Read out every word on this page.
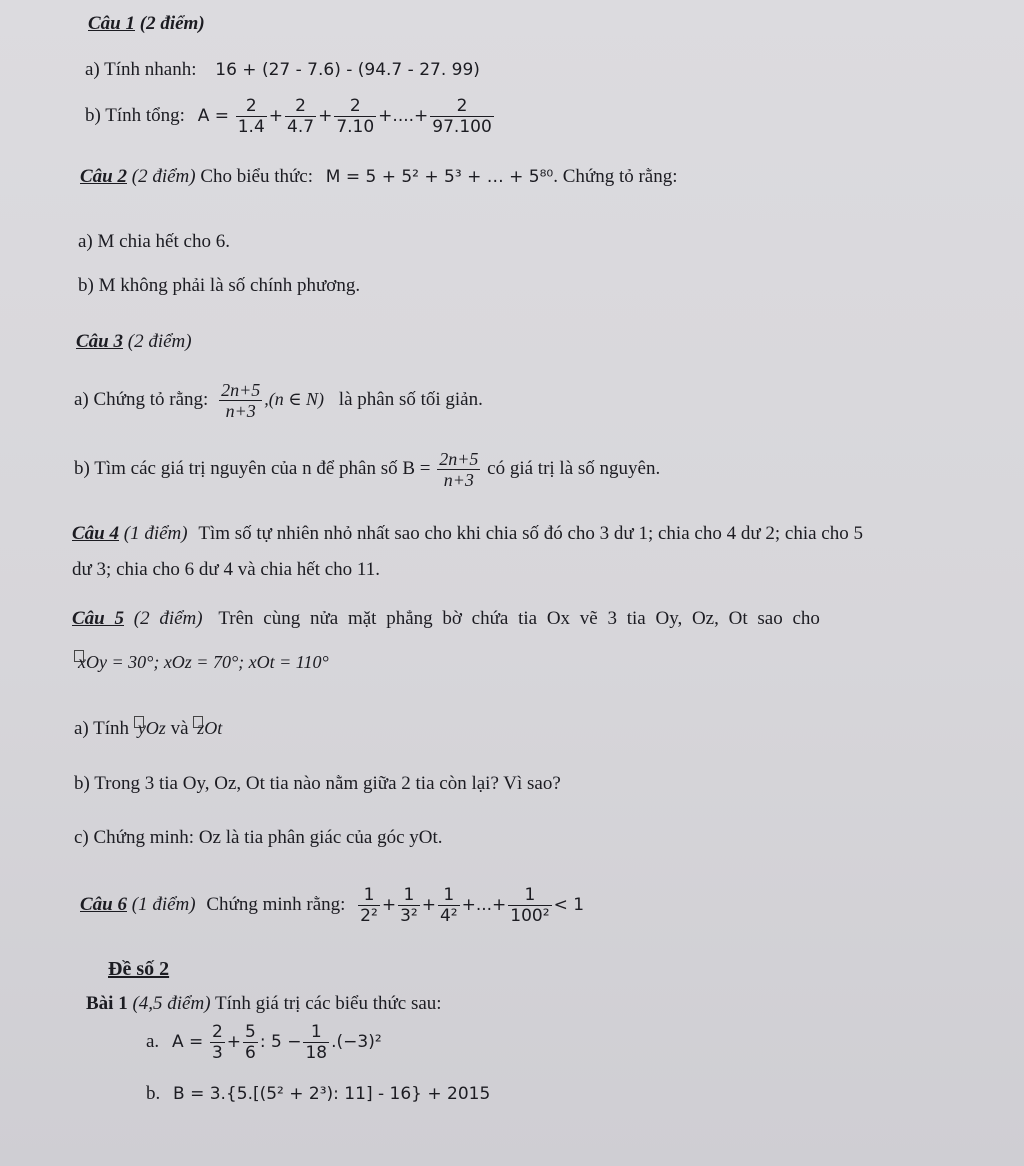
Câu 1 (2 điểm)
a) Tính nhanh: 16 + (27 - 7.6) - (94.7 - 27. 99)
b) Tính tổng: $A = \frac{2}{1.4} + \frac{2}{4.7} + \frac{2}{7.10}$ +....+ $\frac{2}{97.100}$
Câu 2 (2 điểm) Cho biểu thức: M = 5 + 5² + 5³ + … + 5⁸⁰. Chứng tỏ rằng:
a) M chia hết cho 6.
b) M không phải là số chính phương.
Câu 3 (2 điểm)
a) Chứng tỏ rằng: $\frac{2n+5}{n+3} ,(n$ ∈ N) là phân số tối giản.
b) Tìm các giá trị nguyên của n để phân số $B = \frac{2n+5}{n+3}$ có giá trị là số nguyên.
Câu 4 (1 điểm) Tìm số tự nhiên nhỏ nhất sao cho khi chia số đó cho 3 dư 1; chia cho 4 dư 2; chia cho 5
dư 3; chia cho 6 dư 4 và chia hết cho 11.
Câu 5 (2 điểm) Trên cùng nửa mặt phẳng bờ chứa tia Ox vẽ 3 tia Oy, Oz, Ot sao cho
xOy = 30°; xOz = 70°; xOt = 110°
a) Tính yOz và zOt
b) Trong 3 tia Oy, Oz, Ot tia nào nằm giữa 2 tia còn lại? Vì sao?
c) Chứng minh: Oz là tia phân giác của góc yOt.
Câu 6 (1 điểm) Chứng minh rằng: $\frac{1}{\text{2²}} + \frac{1}{\text{3²}} + \frac{1}{\text{4²}}$ +...+ $\frac{1}{\text{100²}} < 1$
Đề số 2
Bài 1 (4,5 điểm) Tính giá trị các biểu thức sau:
a. $A = \frac{2}{3} + \frac{5}{6}$ : $5 - \frac{1}{18} .(-3)^2$
b. B = 3.{5.[(5² + 2³): 11] - 16} + 2015
